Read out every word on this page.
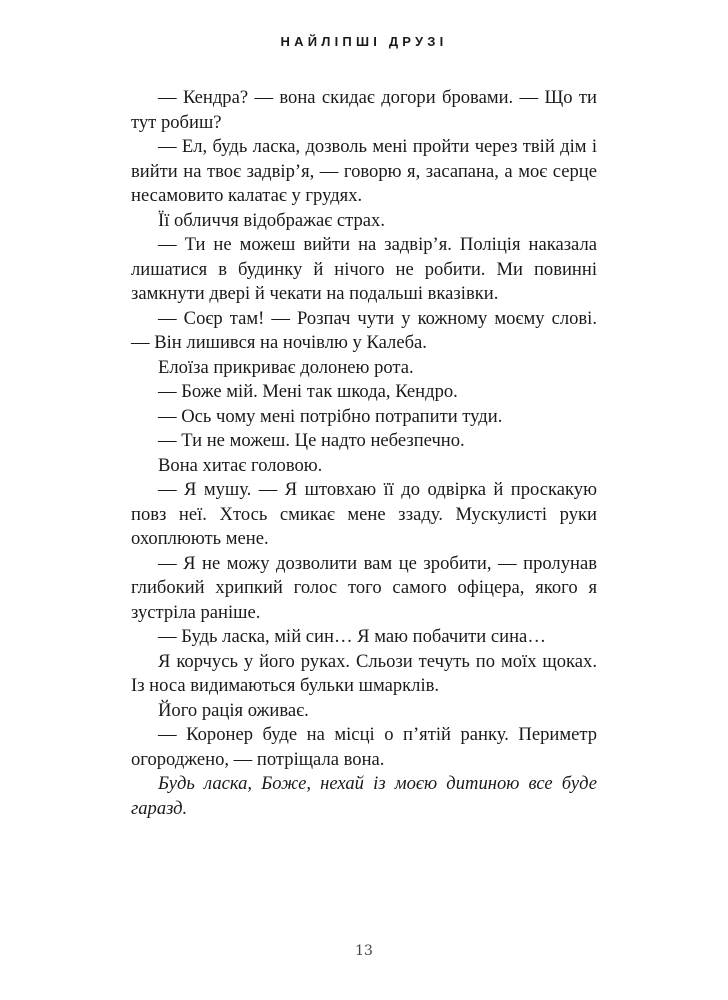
НАЙЛІПШІ ДРУЗІ

— Кендра? — вона скидає догори бровами. — Що ти тут робиш?

— Ел, будь ласка, дозволь мені пройти через твій дім і вийти на твоє задвір’я, — говорю я, засапана, а моє серце несамовито калатає у грудях.

Її обличчя відображає страх.

— Ти не можеш вийти на задвір’я. Поліція наказала лишатися в будинку й нічого не робити. Ми повинні замкнути двері й чекати на подальші вказівки.

— Соєр там! — Розпач чути у кожному моєму слові. — Він лишився на ночівлю у Калеба.

Елоїза прикриває долонею рота.

— Боже мій. Мені так шкода, Кендро.

— Ось чому мені потрібно потрапити туди.

— Ти не можеш. Це надто небезпечно.

Вона хитає головою.

— Я мушу. — Я штовхаю її до одвірка й проскакую повз неї. Хтось смикає мене ззаду. Мускулисті руки охоплюють мене.

— Я не можу дозволити вам це зробити, — пролунав глибокий хрипкий голос того самого офіцера, якого я зустріла раніше.

— Будь ласка, мій син… Я маю побачити сина…

Я корчусь у його руках. Сльози течуть по моїх щоках. Із носа видимаються бульки шмарклів.

Його рація оживає.

— Коронер буде на місці о п’ятій ранку. Периметр огороджено, — потріщала вона.

Будь ласка, Боже, нехай із моєю дитиною все буде гаразд.

13
